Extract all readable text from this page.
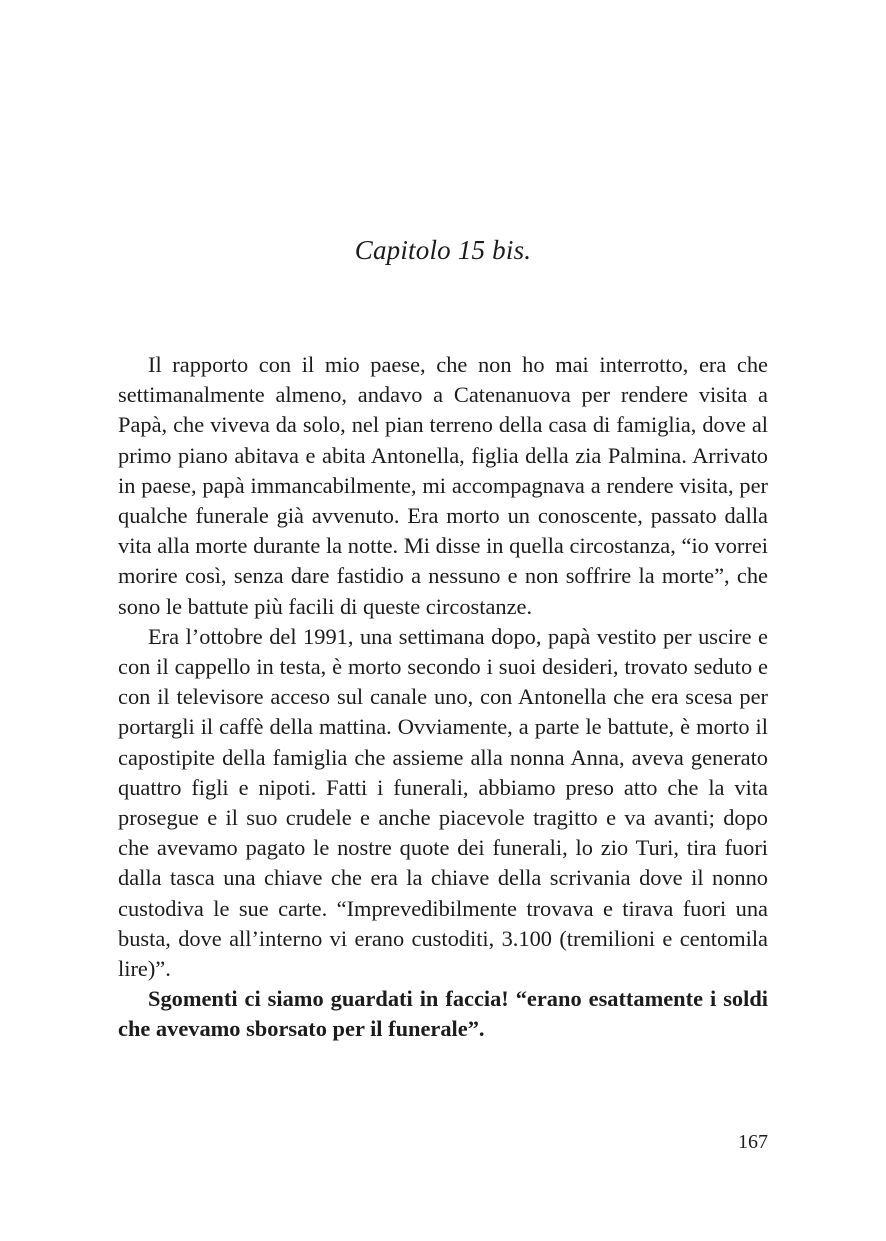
Capitolo 15 bis.

Il rapporto con il mio paese, che non ho mai interrotto, era che settimanalmente almeno, andavo a Catenanuova per rendere visita a Papà, che viveva da solo, nel pian terreno della casa di famiglia, dove al primo piano abitava e abita Antonella, figlia della zia Palmina. Arrivato in paese, papà immancabilmente, mi accompagnava a rendere visita, per qualche funerale già avvenuto. Era morto un conoscente, passato dalla vita alla morte durante la notte. Mi disse in quella circostanza, “io vorrei morire così, senza dare fastidio a nessuno e non soffrire la morte”, che sono le battute più facili di queste circostanze.

Era l’ottobre del 1991, una settimana dopo, papà vestito per uscire e con il cappello in testa, è morto secondo i suoi desideri, trovato seduto e con il televisore acceso sul canale uno, con Antonella che era scesa per portargli il caffè della mattina. Ovviamente, a parte le battute, è morto il capostipite della famiglia che assieme alla nonna Anna, aveva generato quattro figli e nipoti. Fatti i funerali, abbiamo preso atto che la vita prosegue e il suo crudele e anche piacevole tragitto e va avanti; dopo che avevamo pagato le nostre quote dei funerali, lo zio Turi, tira fuori dalla tasca una chiave che era la chiave della scrivania dove il nonno custodiva le sue carte. “Imprevedibilmente trovava e tirava fuori una busta, dove all’interno vi erano custoditi, 3.100 (tremilioni e centomila lire)”.

Sgomenti ci siamo guardati in faccia! “erano esattamente i soldi che avevamo sborsato per il funerale”.

167
